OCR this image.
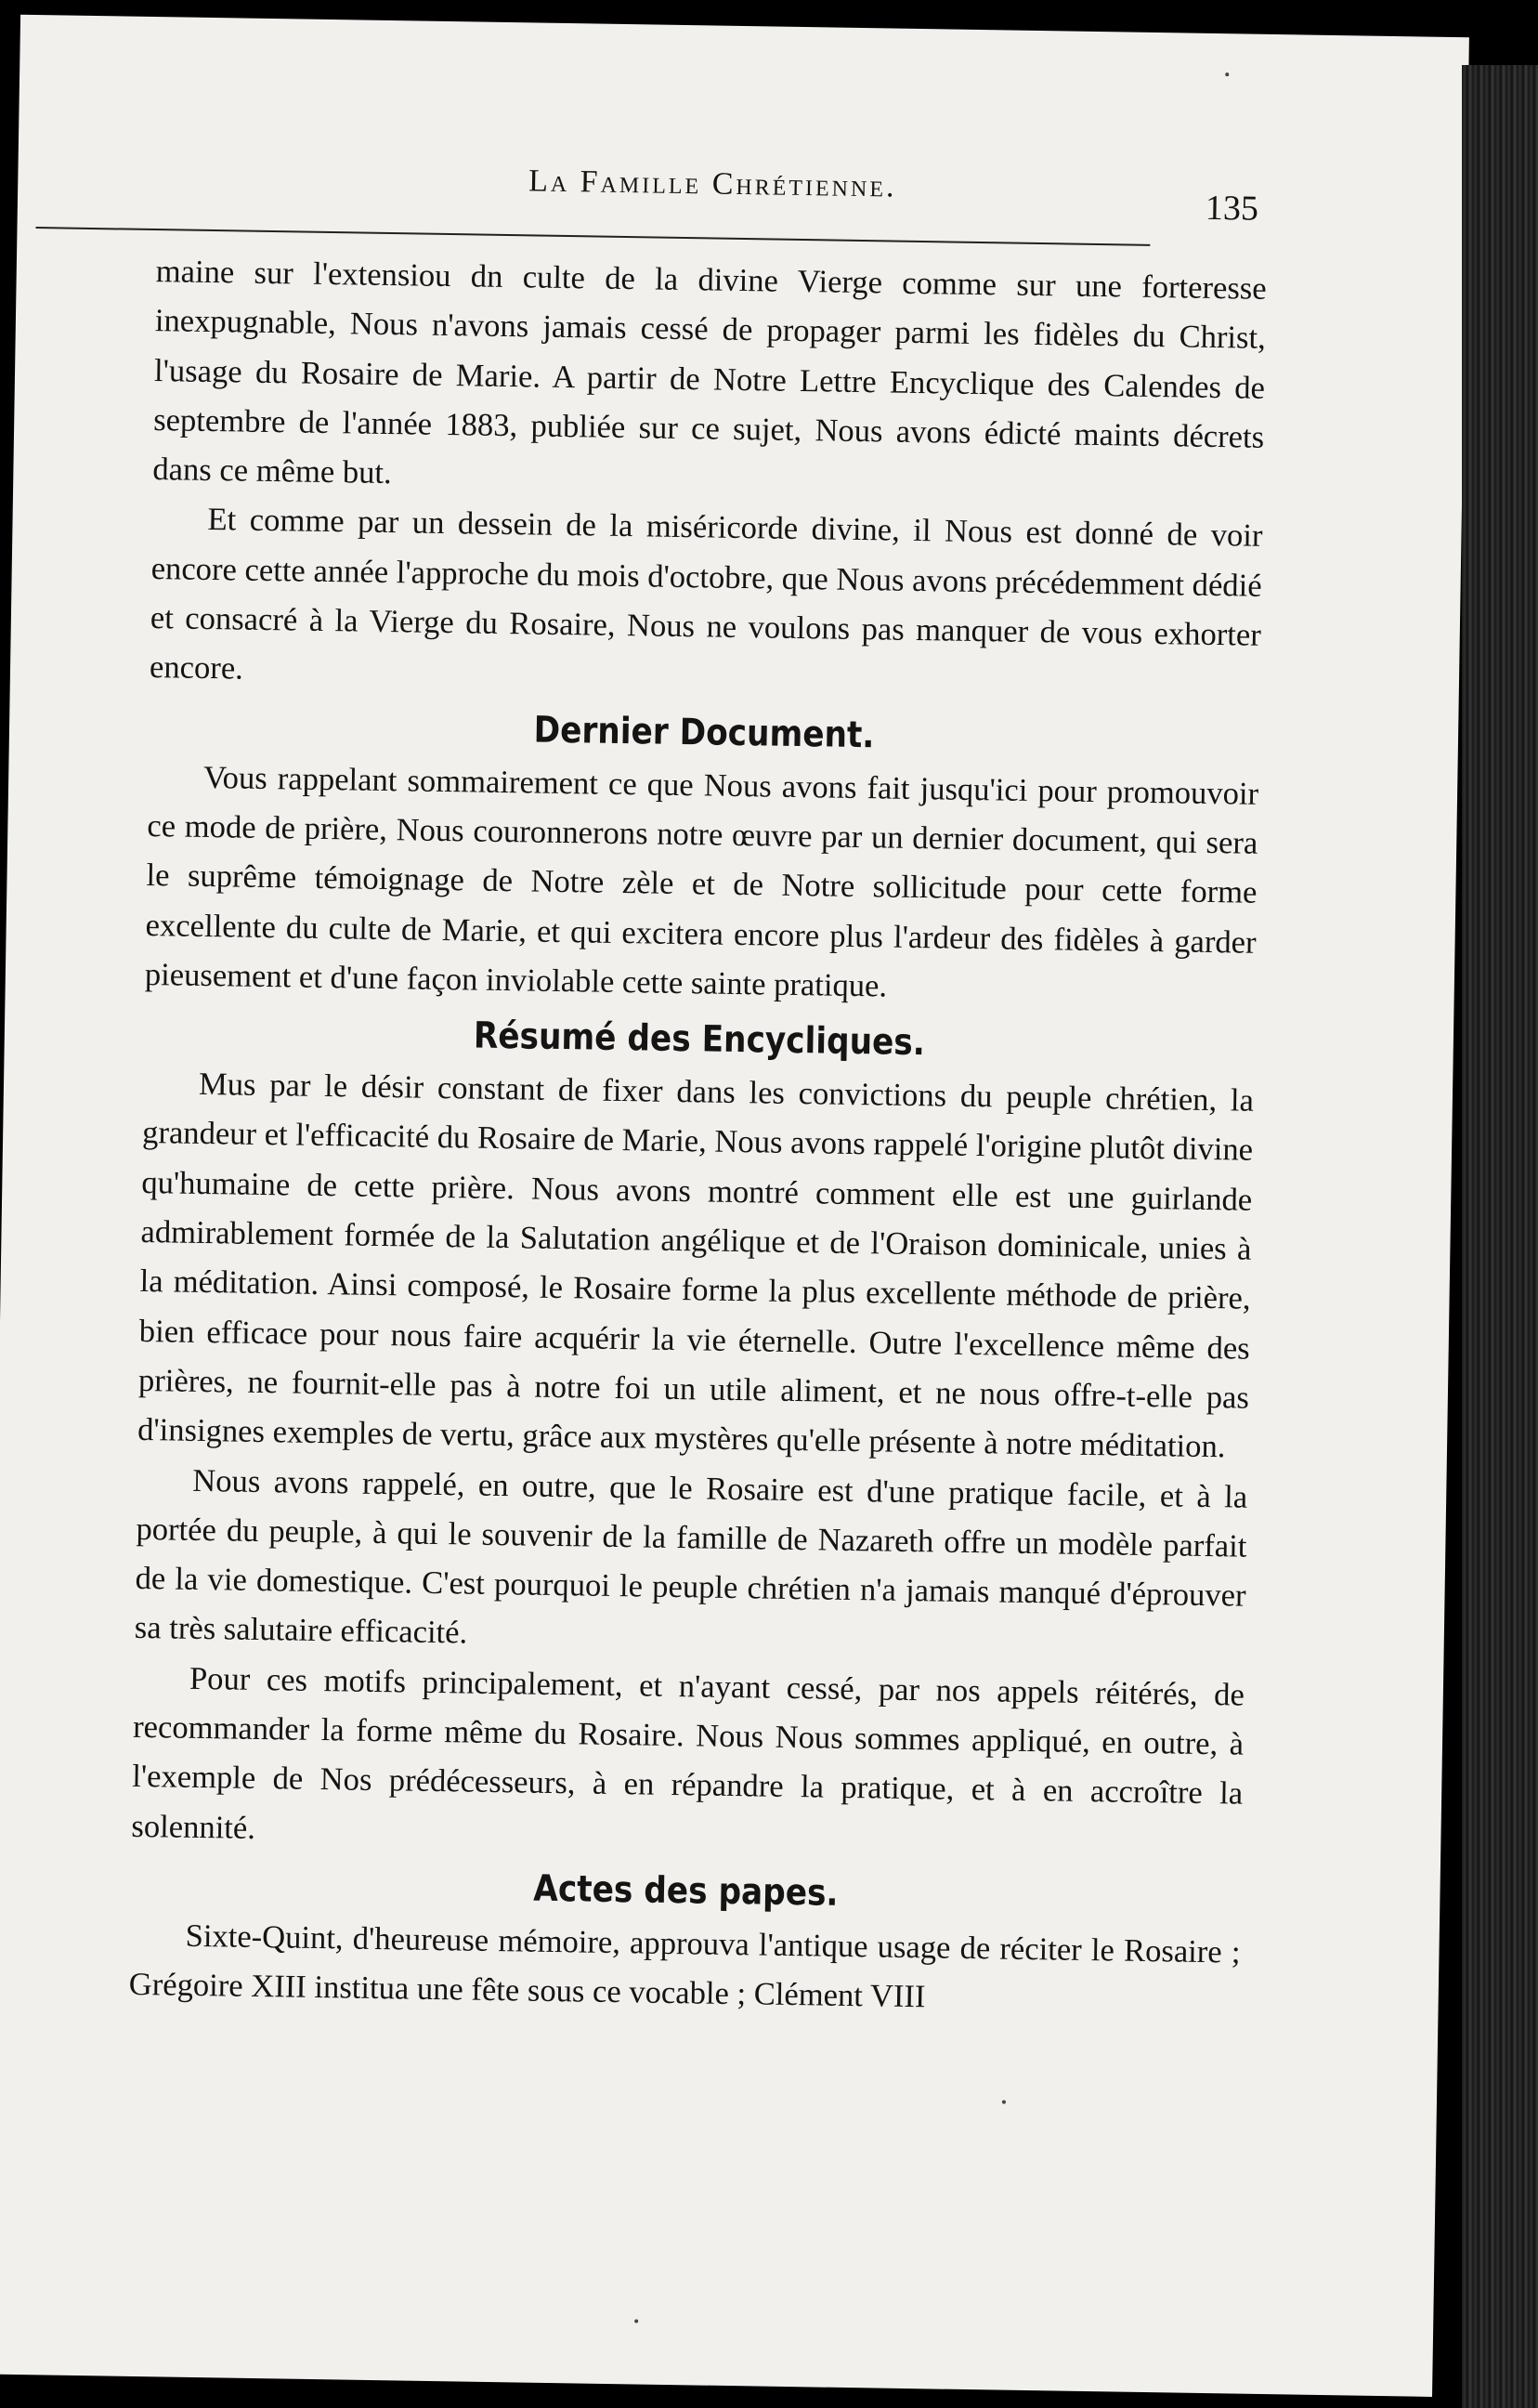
La Famille Chrétienne.
135

maine sur l'extensiou dn culte de la divine Vierge comme sur une forteresse inexpugnable, Nous n'avons jamais cessé de propager parmi les fidèles du Christ, l'usage du Rosaire de Marie. A partir de Notre Lettre Encyclique des Calendes de septembre de l'année 1883, publiée sur ce sujet, Nous avons édicté maints décrets dans ce même but.

Et comme par un dessein de la miséricorde divine, il Nous est donné de voir encore cette année l'approche du mois d'octobre, que Nous avons précédemment dédié et consacré à la Vierge du Rosaire, Nous ne voulons pas manquer de vous exhorter encore.

Dernier Document.

Vous rappelant sommairement ce que Nous avons fait jusqu'ici pour promouvoir ce mode de prière, Nous couronnerons notre œuvre par un dernier document, qui sera le suprême témoignage de Notre zèle et de Notre sollicitude pour cette forme excellente du culte de Marie, et qui excitera encore plus l'ardeur des fidèles à garder pieusement et d'une façon inviolable cette sainte pratique.

Résumé des Encycliques.

Mus par le désir constant de fixer dans les convictions du peuple chrétien, la grandeur et l'efficacité du Rosaire de Marie, Nous avons rappelé l'origine plutôt divine qu'humaine de cette prière. Nous avons montré comment elle est une guirlande admirablement formée de la Salutation angélique et de l'Oraison dominicale, unies à la méditation. Ainsi composé, le Rosaire forme la plus excellente méthode de prière, bien efficace pour nous faire acquérir la vie éternelle. Outre l'excellence même des prières, ne fournit-elle pas à notre foi un utile aliment, et ne nous offre-t-elle pas d'insignes exemples de vertu, grâce aux mystères qu'elle présente à notre méditation.

Nous avons rappelé, en outre, que le Rosaire est d'une pratique facile, et à la portée du peuple, à qui le souvenir de la famille de Nazareth offre un modèle parfait de la vie domestique. C'est pourquoi le peuple chrétien n'a jamais manqué d'éprouver sa très salutaire efficacité.

Pour ces motifs principalement, et n'ayant cessé, par nos appels réitérés, de recommander la forme même du Rosaire. Nous Nous sommes appliqué, en outre, à l'exemple de Nos prédécesseurs, à en répandre la pratique, et à en accroître la solennité.

Actes des papes.

Sixte-Quint, d'heureuse mémoire, approuva l'antique usage de réciter le Rosaire ; Grégoire XIII institua une fête sous ce vocable ; Clément VIII
